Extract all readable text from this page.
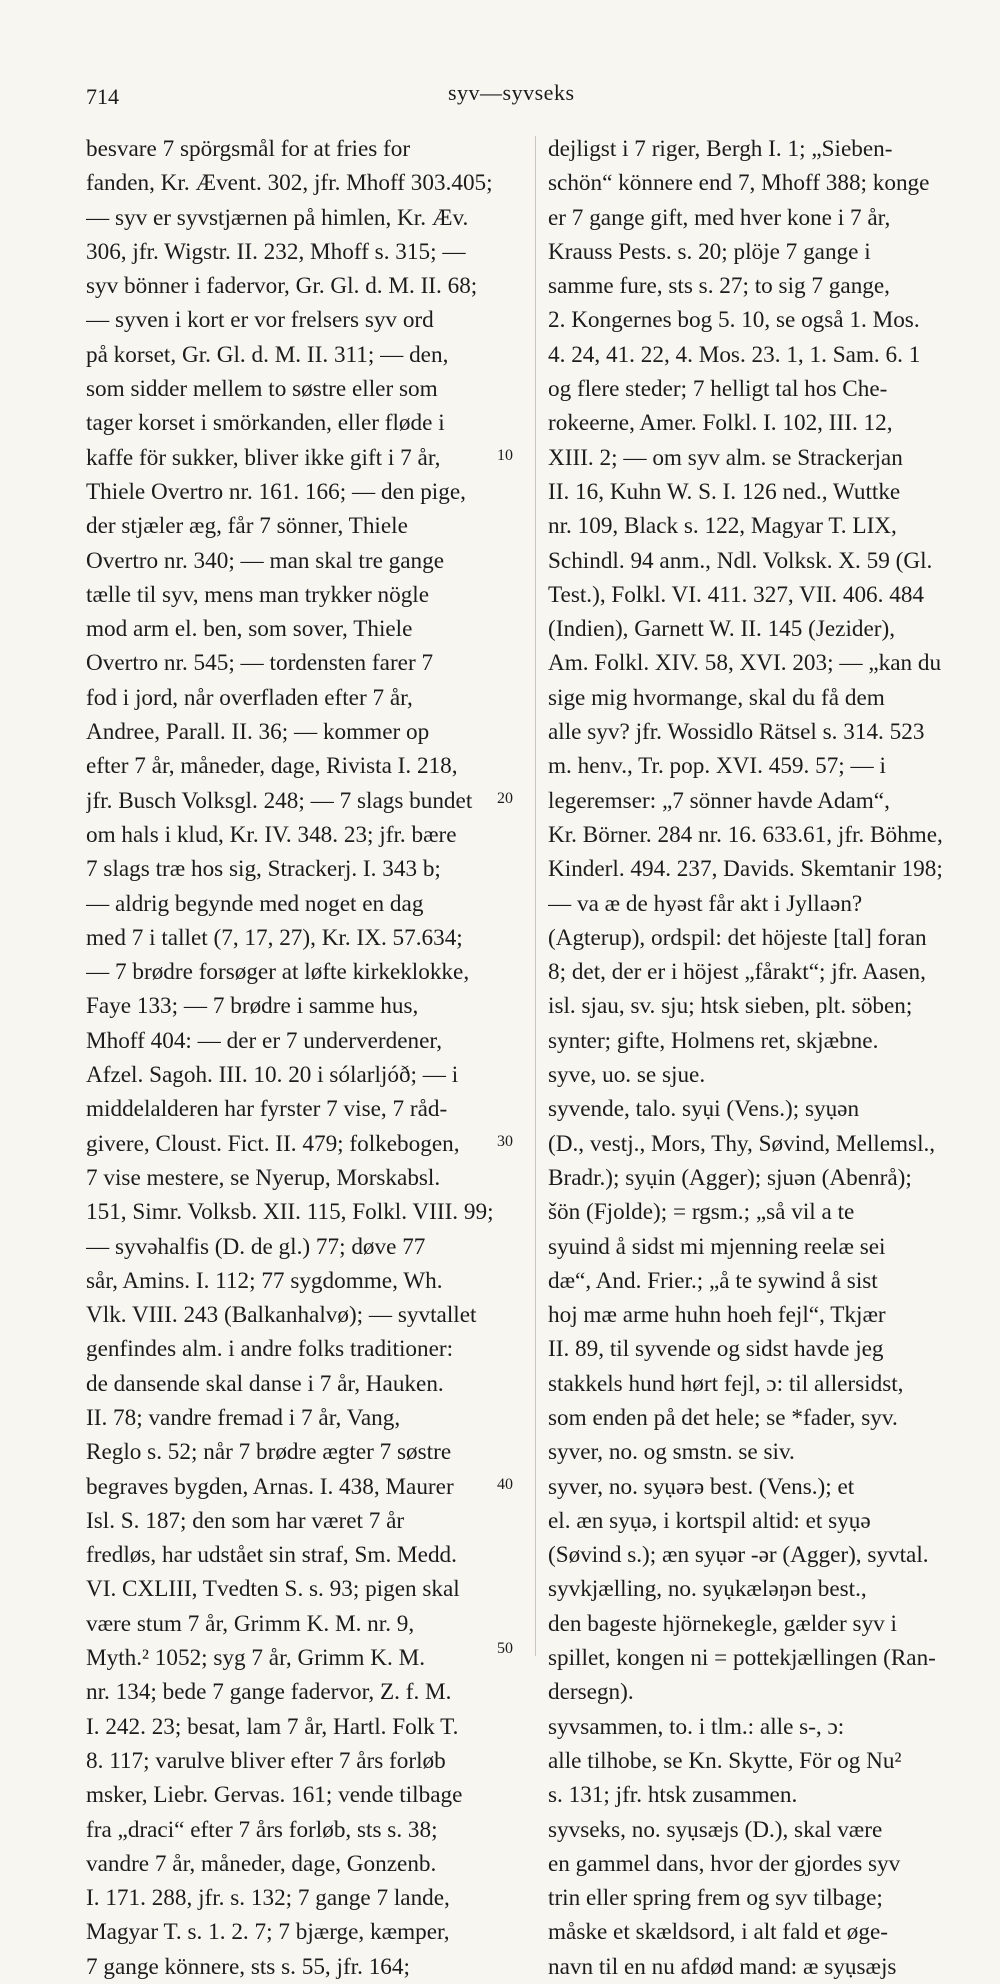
714	syv—syvseks
10
20
30
40
50
besvare 7 spörgsmål for at fries for
fanden, Kr. Ævent. 302, jfr. Mhoff 303.405;
— syv er syvstjærnen på himlen, Kr. Æv.
306, jfr. Wigstr. II. 232, Mhoff s. 315; —
syv bönner i fadervor, Gr. Gl. d. M. II. 68;
— syven i kort er vor frelsers syv ord
på korset, Gr. Gl. d. M. II. 311; — den,
som sidder mellem to søstre eller som
tager korset i smörkanden, eller fløde i
kaffe för sukker, bliver ikke gift i 7 år,
Thiele Overtro nr. 161. 166; — den pige,
der stjæler æg, får 7 sönner, Thiele
Overtro nr. 340; — man skal tre gange
tælle til syv, mens man trykker nögle
mod arm el. ben, som sover, Thiele
Overtro nr. 545; — tordensten farer 7
fod i jord, når overfladen efter 7 år,
Andree, Parall. II. 36; — kommer op
efter 7 år, måneder, dage, Rivista I. 218,
jfr. Busch Volksgl. 248; — 7 slags bundet
om hals i klud, Kr. IV. 348. 23; jfr. bære
7 slags træ hos sig, Strackerj. I. 343 b;
— aldrig begynde med noget en dag
med 7 i tallet (7, 17, 27), Kr. IX. 57.634;
— 7 brødre forsøger at løfte kirkeklokke,
Faye 133; — 7 brødre i samme hus,
Mhoff 404: — der er 7 underverdener,
Afzel. Sagoh. III. 10. 20 i sólarljóð; — i
middelalderen har fyrster 7 vise, 7 råd-
givere, Cloust. Fict. II. 479; folkebogen,
7 vise mestere, se Nyerup, Morskabsl.
151, Simr. Volksb. XII. 115, Folkl. VIII. 99;
— syvəhalfis (D. de gl.) 77; døve 77
sår, Amins. I. 112; 77 sygdomme, Wh.
Vlk. VIII. 243 (Balkanhalvø); — syvtallet
genfindes alm. i andre folks traditioner:
de dansende skal danse i 7 år, Hauken.
II. 78; vandre fremad i 7 år, Vang,
Reglo s. 52; når 7 brødre ægter 7 søstre
begraves bygden, Arnas. I. 438, Maurer
Isl. S. 187; den som har været 7 år
fredløs, har udstået sin straf, Sm. Medd.
VI. CXLIII, Tvedten S. s. 93; pigen skal
være stum 7 år, Grimm K. M. nr. 9,
Myth.² 1052; syg 7 år, Grimm K. M.
nr. 134; bede 7 gange fadervor, Z. f. M.
I. 242. 23; besat, lam 7 år, Hartl. Folk T.
8. 117; varulve bliver efter 7 års forløb
msker, Liebr. Gervas. 161; vende tilbage
fra „draci“ efter 7 års forløb, sts s. 38;
vandre 7 år, måneder, dage, Gonzenb.
I. 171. 288, jfr. s. 132; 7 gange 7 lande,
Magyar T. s. 1. 2. 7; 7 bjærge, kæmper,
7 gange könnere, sts s. 55, jfr. 164;
dejligst i 7 riger, Bergh I. 1; „Sieben-
schön“ könnere end 7, Mhoff 388; konge
er 7 gange gift, med hver kone i 7 år,
Krauss Pests. s. 20; plöje 7 gange i
samme fure, sts s. 27; to sig 7 gange,
2. Kongernes bog 5. 10, se også 1. Mos.
4. 24, 41. 22, 4. Mos. 23. 1, 1. Sam. 6. 1
og flere steder; 7 helligt tal hos Che-
rokeerne, Amer. Folkl. I. 102, III. 12,
XIII. 2; — om syv alm. se Strackerjan
II. 16, Kuhn W. S. I. 126 ned., Wuttke
nr. 109, Black s. 122, Magyar T. LIX,
Schindl. 94 anm., Ndl. Volksk. X. 59 (Gl.
Test.), Folkl. VI. 411. 327, VII. 406. 484
(Indien), Garnett W. II. 145 (Jezider),
Am. Folkl. XIV. 58, XVI. 203; — „kan du
sige mig hvormange, skal du få dem
alle syv? jfr. Wossidlo Rätsel s. 314. 523
m. henv., Tr. pop. XVI. 459. 57; — i
legeremser: „7 sönner havde Adam“,
Kr. Börner. 284 nr. 16. 633.61, jfr. Böhme,
Kinderl. 494. 237, Davids. Skemtanir 198;
— va æ de hyəst får akt i Jyllaən?
(Agterup), ordspil: det höjeste [tal] foran
8; det, der er i höjest „fårakt“; jfr. Aasen,
isl. sjau, sv. sju; htsk sieben, plt. söben;
synter; gifte, Holmens ret, skjæbne.
syve, uo. se sjue.
syvende, talo. syụi (Vens.); syụən
(D., vestj., Mors, Thy, Søvind, Mellemsl.,
Bradr.); syụin (Agger); sjuən (Abenrå);
šön (Fjolde); = rgsm.; „så vil a te
syuind å sidst mi mjenning reelæ sei
dæ“, And. Frier.; „å te sywind å sist
hoj mæ arme huhn hoeh fejl“, Tkjær
II. 89, til syvende og sidst havde jeg
stakkels hund hørt fejl, ɔ: til allersidst,
som enden på det hele; se *fader, syv.
syver, no. og smstn. se siv.
syver, no. syụərə best. (Vens.); et
el. æn syụə, i kortspil altid: et syụə
(Søvind s.); æn syụər -ər (Agger), syvtal.
syvkjælling, no. syụkæləŋən best.,
den bageste hjörnekegle, gælder syv i
spillet, kongen ni = pottekjællingen (Ran-
dersegn).
syvsammen, to. i tlm.: alle s-, ɔ:
alle tilhobe, se Kn. Skytte, För og Nu²
s. 131; jfr. htsk zusammen.
syvseks, no. syụsæjs (D.), skal være
en gammel dans, hvor der gjordes syv
trin eller spring frem og syv tilbage;
måske et skældsord, i alt fald et øge-
navn til en nu afdød mand: æ syụsæjs
